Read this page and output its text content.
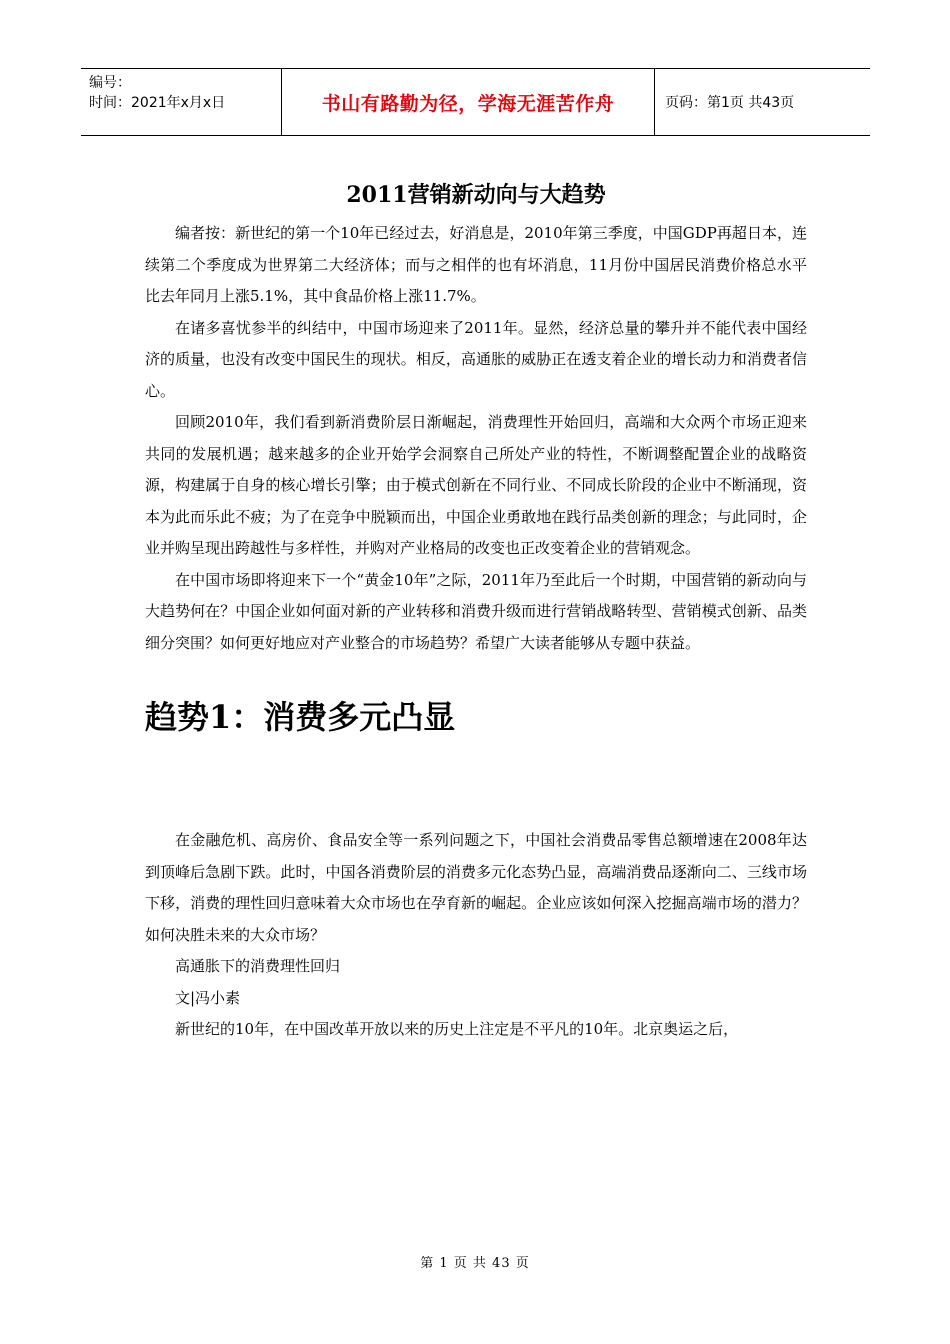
编号：
时间：2021年x月x日	书山有路勤为径，学海无涯苦作舟	页码：第1页 共43页
2011营销新动向与大趋势

编者按：新世纪的第一个10年已经过去，好消息是，2010年第三季度，中国GDP再超日本，连续第二个季度成为世界第二大经济体；而与之相伴的也有坏消息，11月份中国居民消费价格总水平比去年同月上涨5.1%，其中食品价格上涨11.7%。

在诸多喜忧参半的纠结中，中国市场迎来了2011年。显然，经济总量的攀升并不能代表中国经济的质量，也没有改变中国民生的现状。相反，高通胀的威胁正在透支着企业的增长动力和消费者信心。

回顾2010年，我们看到新消费阶层日渐崛起，消费理性开始回归，高端和大众两个市场正迎来共同的发展机遇；越来越多的企业开始学会洞察自己所处产业的特性，不断调整配置企业的战略资源，构建属于自身的核心增长引擎；由于模式创新在不同行业、不同成长阶段的企业中不断涌现，资本为此而乐此不疲；为了在竞争中脱颖而出，中国企业勇敢地在践行品类创新的理念；与此同时，企业并购呈现出跨越性与多样性，并购对产业格局的改变也正改变着企业的营销观念。

在中国市场即将迎来下一个“黄金10年”之际，2011年乃至此后一个时期，中国营销的新动向与大趋势何在？中国企业如何面对新的产业转移和消费升级而进行营销战略转型、营销模式创新、品类细分突围？如何更好地应对产业整合的市场趋势？希望广大读者能够从专题中获益。

趋势1：消费多元凸显

在金融危机、高房价、食品安全等一系列问题之下，中国社会消费品零售总额增速在2008年达到顶峰后急剧下跌。此时，中国各消费阶层的消费多元化态势凸显，高端消费品逐渐向二、三线市场下移，消费的理性回归意味着大众市场也在孕育新的崛起。企业应该如何深入挖掘高端市场的潜力？如何决胜未来的大众市场？

高通胀下的消费理性回归

文|冯小素

新世纪的10年，在中国改革开放以来的历史上注定是不平凡的10年。北京奥运之后，

第 1 页 共 43 页
